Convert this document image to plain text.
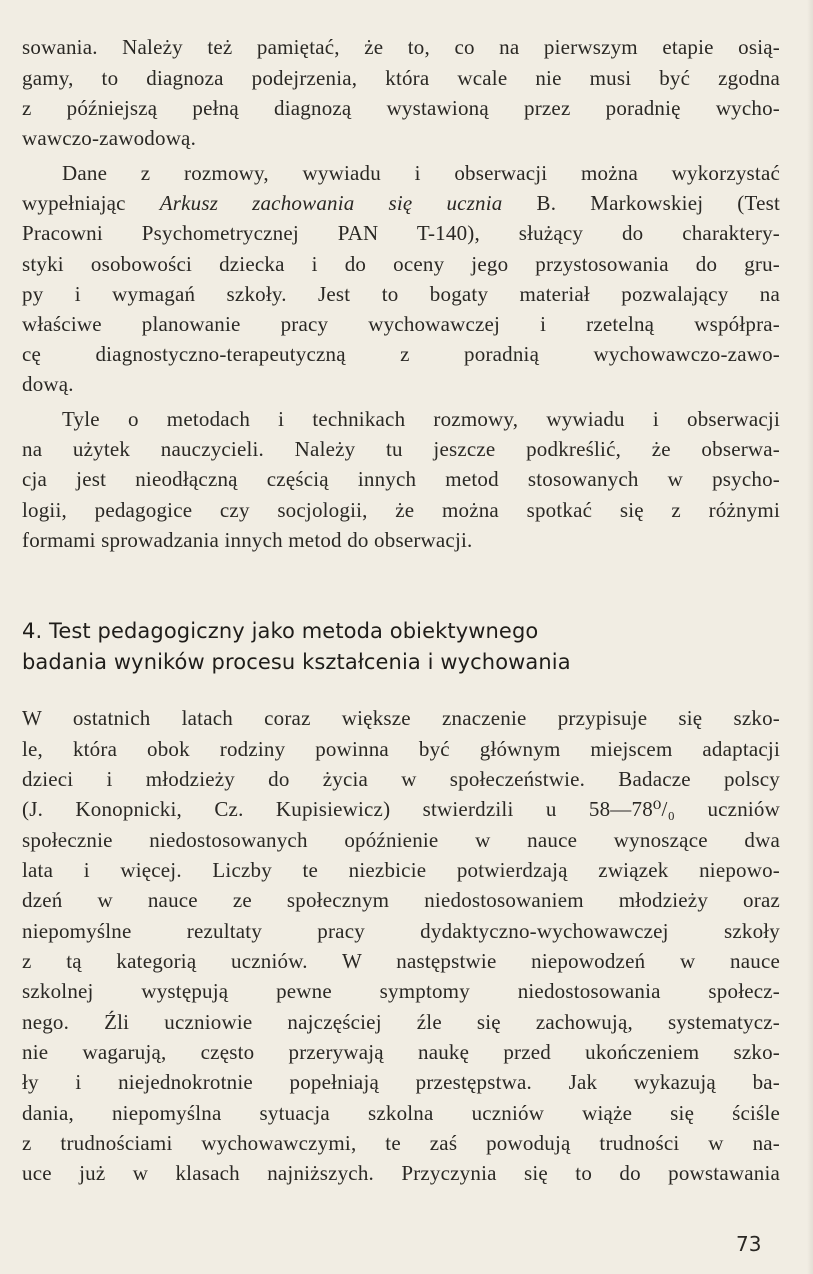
sowania. Należy też pamiętać, że to, co na pierwszym etapie osią-
gamy, to diagnoza podejrzenia, która wcale nie musi być zgodna
z późniejszą pełną diagnozą wystawioną przez poradnię wycho-
wawczo-zawodową.
Dane z rozmowy, wywiadu i obserwacji można wykorzystać
wypełniając Arkusz zachowania się ucznia B. Markowskiej (Test
Pracowni Psychometrycznej PAN T-140), służący do charaktery-
styki osobowości dziecka i do oceny jego przystosowania do gru-
py i wymagań szkoły. Jest to bogaty materiał pozwalający na
właściwe planowanie pracy wychowawczej i rzetelną współpra-
cę diagnostyczno-terapeutyczną z poradnią wychowawczo-zawo-
dową.
Tyle o metodach i technikach rozmowy, wywiadu i obserwacji
na użytek nauczycieli. Należy tu jeszcze podkreślić, że obserwa-
cja jest nieodłączną częścią innych metod stosowanych w psycho-
logii, pedagogice czy socjologii, że można spotkać się z różnymi
formami sprowadzania innych metod do obserwacji.
4. Test pedagogiczny jako metoda obiektywnego
badania wyników procesu kształcenia i wychowania
W ostatnich latach coraz większe znaczenie przypisuje się szko-
le, która obok rodziny powinna być głównym miejscem adaptacji
dzieci i młodzieży do życia w społeczeństwie. Badacze polscy
(J. Konopnicki, Cz. Kupisiewicz) stwierdzili u 58—78⁰/₀ uczniów
społecznie niedostosowanych opóźnienie w nauce wynoszące dwa
lata i więcej. Liczby te niezbicie potwierdzają związek niepowo-
dzeń w nauce ze społecznym niedostosowaniem młodzieży oraz
niepomyślne rezultaty pracy dydaktyczno-wychowawczej szkoły
z tą kategorią uczniów. W następstwie niepowodzeń w nauce
szkolnej występują pewne symptomy niedostosowania społecz-
nego. Źli uczniowie najczęściej źle się zachowują, systematycz-
nie wagarują, często przerywają naukę przed ukończeniem szko-
ły i niejednokrotnie popełniają przestępstwa. Jak wykazują ba-
dania, niepomyślna sytuacja szkolna uczniów wiąże się ściśle
z trudnościami wychowawczymi, te zaś powodują trudności w na-
uce już w klasach najniższych. Przyczynia się to do powstawania
73
